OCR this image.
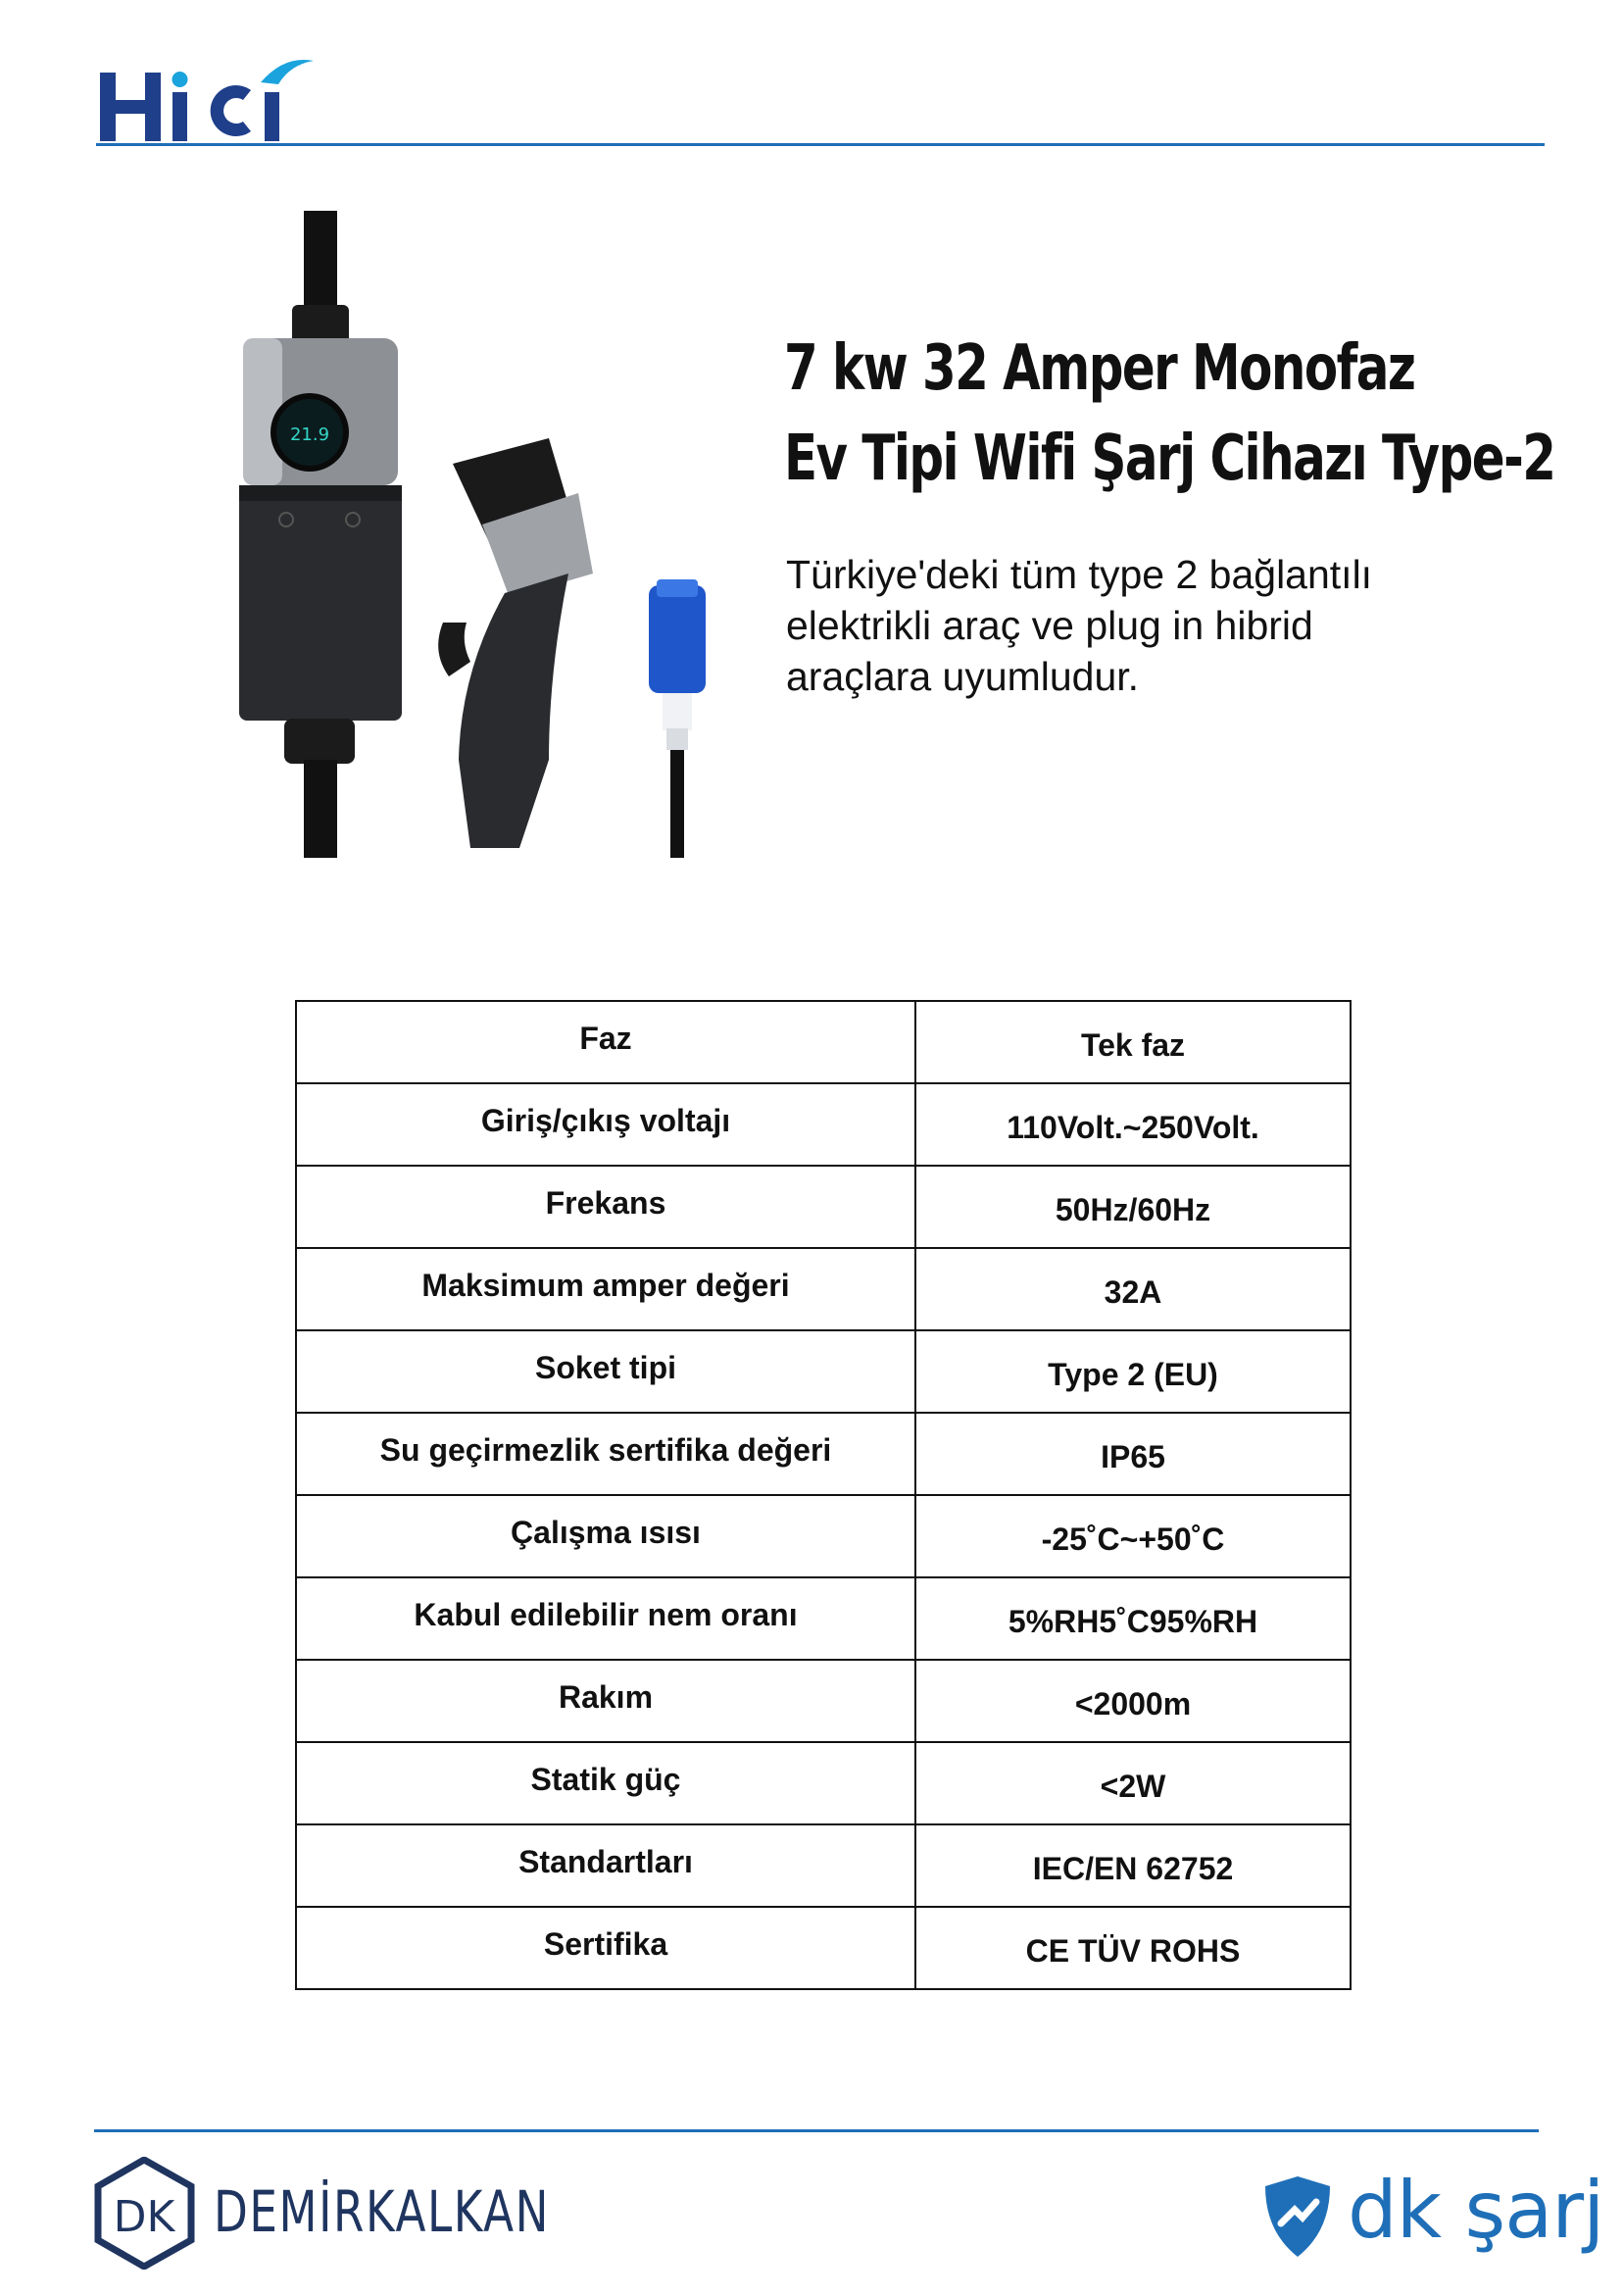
HiCi
21.9
7 kw 32 Amper Monofaz
Ev Tipi Wifi Şarj Cihazı Type-2

Türkiye'deki tüm type 2 bağlantılı
elektrikli araç ve plug in hibrid
araçlara uyumludur.

Faz	Tek faz
Giriş/çıkış voltajı	110Volt.~250Volt.
Frekans	50Hz/60Hz
Maksimum amper değeri	32A
Soket tipi	Type 2 (EU)
Su geçirmezlik sertifika değeri	IP65
Çalışma ısısı	-25˚C~+50˚C
Kabul edilebilir nem oranı	5%RH5˚C95%RH
Rakım	<2000m
Statik güç	<2W
Standartları	IEC/EN 62752
Sertifika	CE TÜV ROHS
DK DEMİRKALKAN	dk şarj
